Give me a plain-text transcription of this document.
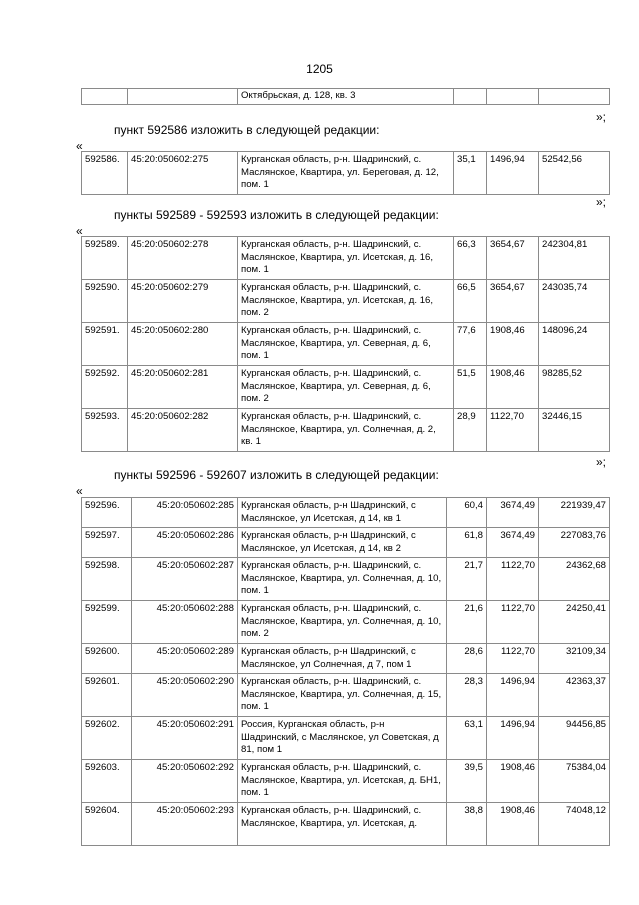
1205
		Октябрьская, д. 128, кв. 3			
»;
пункт 592586 изложить в следующей редакции:
«
592586.	45:20:050602:275	Курганская область, р-н. Шадринский, с. Маслянское, Квартира, ул. Береговая, д. 12, пом. 1	35,1	1496,94	52542,56
»;
пункты 592589 - 592593 изложить в следующей редакции:
«
592589.	45:20:050602:278	Курганская область, р-н. Шадринский, с. Маслянское, Квартира, ул. Исетская, д. 16, пом. 1	66,3	3654,67	242304,81
592590.	45:20:050602:279	Курганская область, р-н. Шадринский, с. Маслянское, Квартира, ул. Исетская, д. 16, пом. 2	66,5	3654,67	243035,74
592591.	45:20:050602:280	Курганская область, р-н. Шадринский, с. Маслянское, Квартира, ул. Северная, д. 6, пом. 1	77,6	1908,46	148096,24
592592.	45:20:050602:281	Курганская область, р-н. Шадринский, с. Маслянское, Квартира, ул. Северная, д. 6, пом. 2	51,5	1908,46	98285,52
592593.	45:20:050602:282	Курганская область, р-н. Шадринский, с. Маслянское, Квартира, ул. Солнечная, д. 2, кв. 1	28,9	1122,70	32446,15
»;
пункты 592596 - 592607 изложить в следующей редакции:
«
592596.	45:20:050602:285	Курганская область, р-н Шадринский, с Маслянское, ул Исетская, д 14, кв 1	60,4	3674,49	221939,47
592597.	45:20:050602:286	Курганская область, р-н Шадринский, с Маслянское, ул Исетская, д 14, кв 2	61,8	3674,49	227083,76
592598.	45:20:050602:287	Курганская область, р-н. Шадринский, с. Маслянское, Квартира, ул. Солнечная, д. 10, пом. 1	21,7	1122,70	24362,68
592599.	45:20:050602:288	Курганская область, р-н. Шадринский, с. Маслянское, Квартира, ул. Солнечная, д. 10, пом. 2	21,6	1122,70	24250,41
592600.	45:20:050602:289	Курганская область, р-н Шадринский, с Маслянское, ул Солнечная, д 7, пом 1	28,6	1122,70	32109,34
592601.	45:20:050602:290	Курганская область, р-н. Шадринский, с. Маслянское, Квартира, ул. Солнечная, д. 15, пом. 1	28,3	1496,94	42363,37
592602.	45:20:050602:291	Россия, Курганская область, р-н Шадринский, с Маслянское, ул Советская, д 81, пом 1	63,1	1496,94	94456,85
592603.	45:20:050602:292	Курганская область, р-н. Шадринский, с. Маслянское, Квартира, ул. Исетская, д. БН1, пом. 1	39,5	1908,46	75384,04
592604.	45:20:050602:293	Курганская область, р-н. Шадринский, с. Маслянское, Квартира, ул. Исетская, д.	38,8	1908,46	74048,12
